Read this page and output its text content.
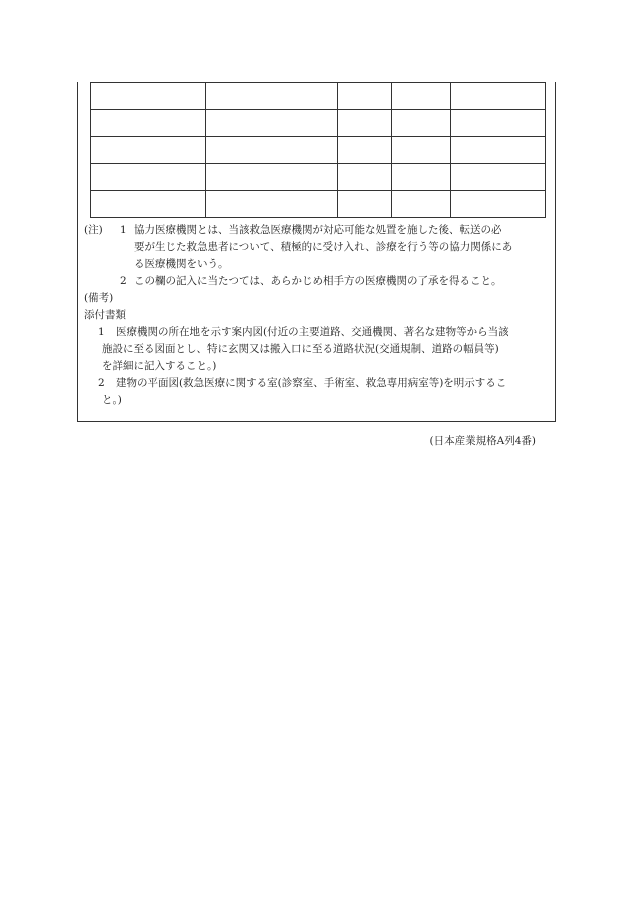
(注) 1 協力医療機関とは、当該救急医療機関が対応可能な処置を施した後、転送の必
要が生じた救急患者について、積極的に受け入れ、診療を行う等の協力関係にあ
る医療機関をいう。
2 この欄の記入に当たつては、あらかじめ相手方の医療機関の了承を得ること。
(備考)
添付書類
1 医療機関の所在地を示す案内図(付近の主要道路、交通機関、著名な建物等から当該
施設に至る図面とし、特に玄関又は搬入口に至る道路状況(交通規制、道路の幅員等)
を詳細に記入すること。)
2 建物の平面図(救急医療に関する室(診察室、手術室、救急専用病室等)を明示するこ
と。)
(日本産業規格A列4番)
